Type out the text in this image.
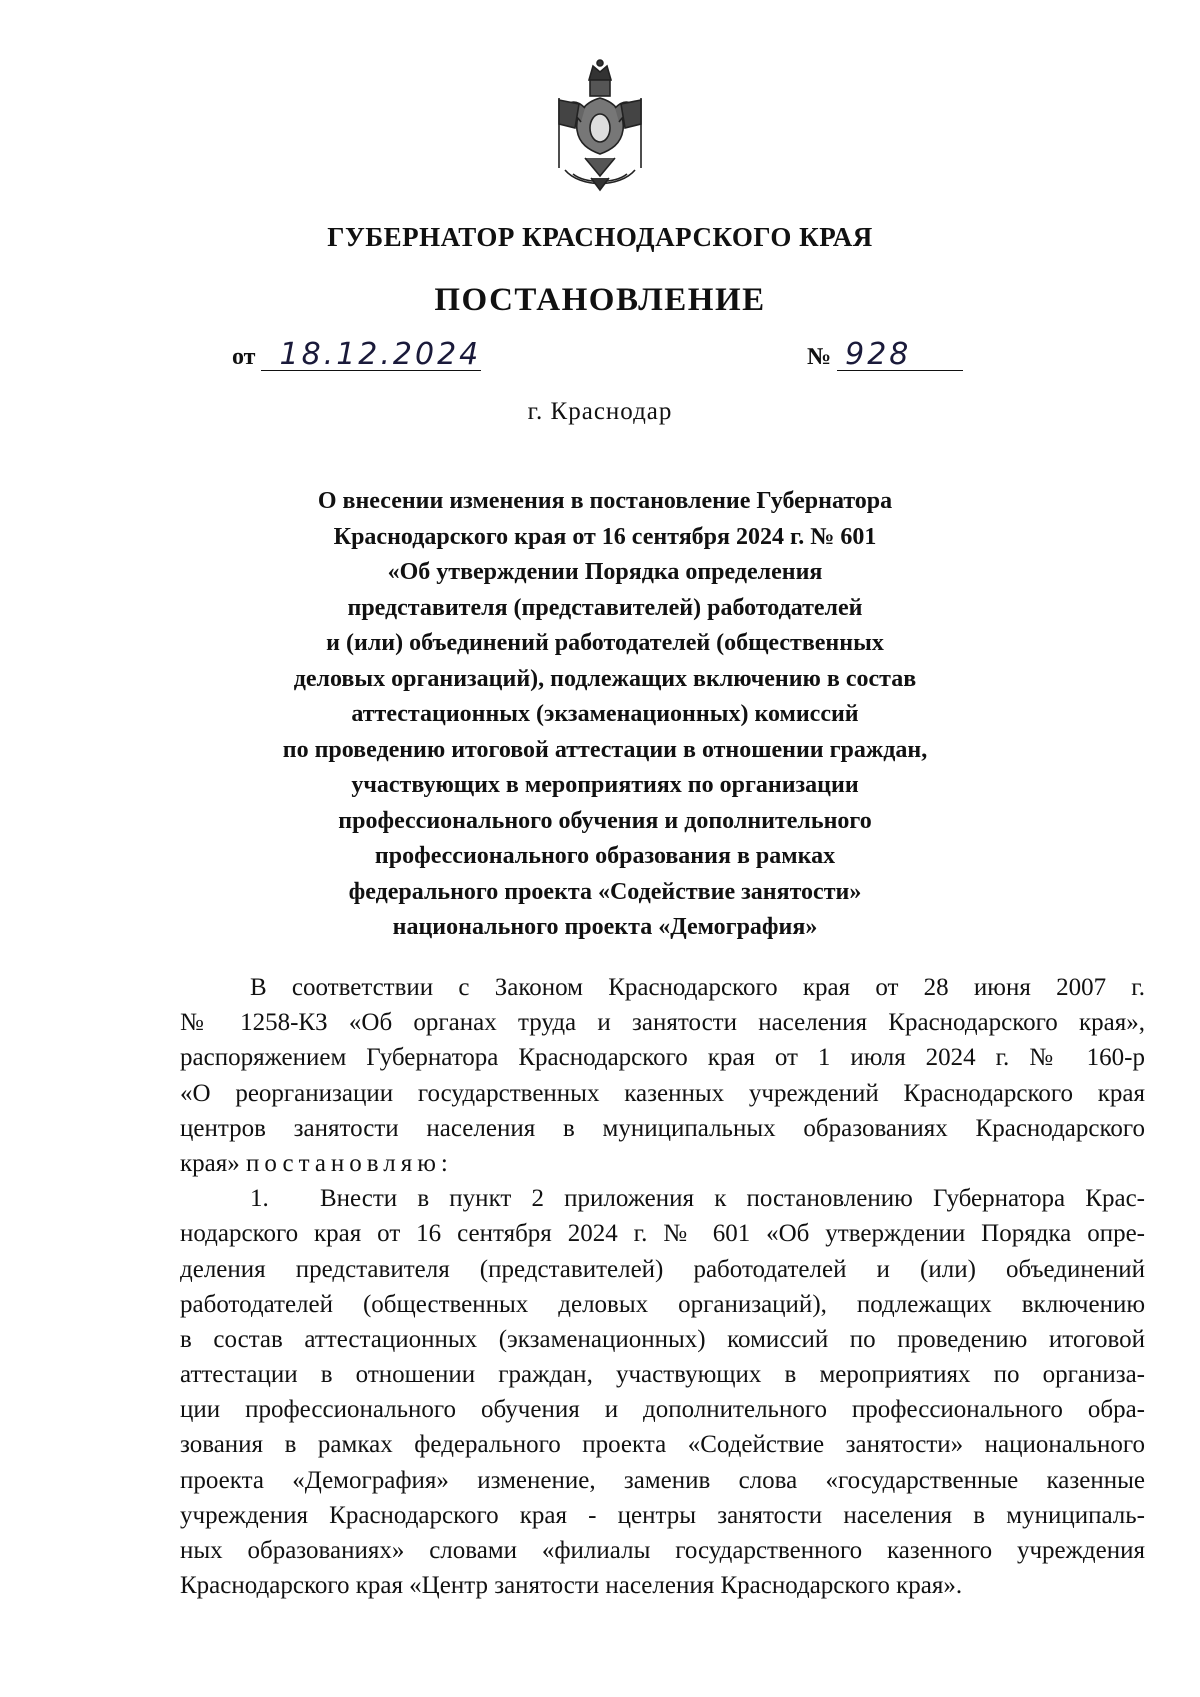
ГУБЕРНАТОР КРАСНОДАРСКОГО КРАЯ
ПОСТАНОВЛЕНИЕ
от 18.12.2024	№ 928
г. Краснодар
О внесении изменения в постановление Губернатора
Краснодарского края от 16 сентября 2024 г. № 601
«Об утверждении Порядка определения
представителя (представителей) работодателей
и (или) объединений работодателей (общественных
деловых организаций), подлежащих включению в состав
аттестационных (экзаменационных) комиссий
по проведению итоговой аттестации в отношении граждан,
участвующих в мероприятиях по организации
профессионального обучения и дополнительного
профессионального образования в рамках
федерального проекта «Содействие занятости»
национального проекта «Демография»
В соответствии с Законом Краснодарского края от 28 июня 2007 г.
№ 1258-КЗ «Об органах труда и занятости населения Краснодарского края»,
распоряжением Губернатора Краснодарского края от 1 июля 2024 г. № 160-р
«О реорганизации государственных казенных учреждений Краснодарского края
центров занятости населения в муниципальных образованиях Краснодарского
края» постановляю:
1. Внести в пункт 2 приложения к постановлению Губернатора Крас-
нодарского края от 16 сентября 2024 г. № 601 «Об утверждении Порядка опре-
деления представителя (представителей) работодателей и (или) объединений
работодателей (общественных деловых организаций), подлежащих включению
в состав аттестационных (экзаменационных) комиссий по проведению итоговой
аттестации в отношении граждан, участвующих в мероприятиях по организа-
ции профессионального обучения и дополнительного профессионального обра-
зования в рамках федерального проекта «Содействие занятости» национального
проекта «Демография» изменение, заменив слова «государственные казенные
учреждения Краснодарского края - центры занятости населения в муниципаль-
ных образованиях» словами «филиалы государственного казенного учреждения
Краснодарского края «Центр занятости населения Краснодарского края».
